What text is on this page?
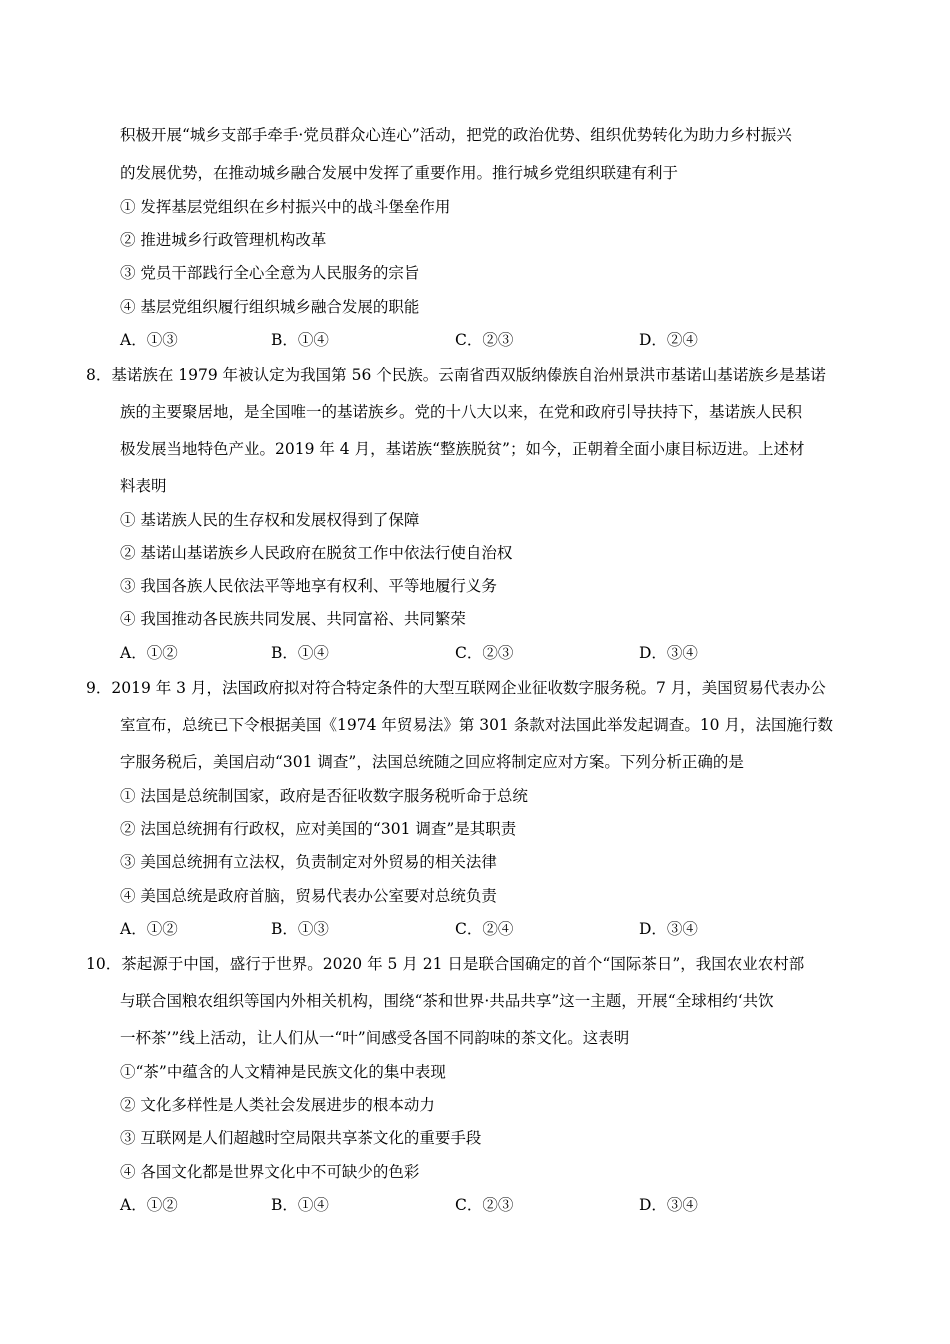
积极开展“城乡支部手牵手·党员群众心连心”活动，把党的政治优势、组织优势转化为助力乡村振兴
的发展优势，在推动城乡融合发展中发挥了重要作用。推行城乡党组织联建有利于
① 发挥基层党组织在乡村振兴中的战斗堡垒作用
② 推进城乡行政管理机构改革
③ 党员干部践行全心全意为人民服务的宗旨
④ 基层党组织履行组织城乡融合发展的职能
A．①③	B．①④	C．②③	D．②④
8．基诺族在 1979 年被认定为我国第 56 个民族。云南省西双版纳傣族自治州景洪市基诺山基诺族乡是基诺
族的主要聚居地，是全国唯一的基诺族乡。党的十八大以来，在党和政府引导扶持下，基诺族人民积
极发展当地特色产业。2019 年 4 月，基诺族“整族脱贫”；如今，正朝着全面小康目标迈进。上述材
料表明
① 基诺族人民的生存权和发展权得到了保障
② 基诺山基诺族乡人民政府在脱贫工作中依法行使自治权
③ 我国各族人民依法平等地享有权利、平等地履行义务
④ 我国推动各民族共同发展、共同富裕、共同繁荣
A．①②	B．①④	C．②③	D．③④
9．2019 年 3 月，法国政府拟对符合特定条件的大型互联网企业征收数字服务税。7 月，美国贸易代表办公
室宣布，总统已下令根据美国《1974 年贸易法》第 301 条款对法国此举发起调查。10 月，法国施行数
字服务税后，美国启动“301 调查”，法国总统随之回应将制定应对方案。下列分析正确的是
① 法国是总统制国家，政府是否征收数字服务税听命于总统
② 法国总统拥有行政权，应对美国的“301 调查”是其职责
③ 美国总统拥有立法权，负责制定对外贸易的相关法律
④ 美国总统是政府首脑，贸易代表办公室要对总统负责
A．①②	B．①③	C．②④	D．③④
10．茶起源于中国，盛行于世界。2020 年 5 月 21 日是联合国确定的首个“国际茶日”，我国农业农村部
与联合国粮农组织等国内外相关机构，围绕“茶和世界·共品共享”这一主题，开展“全球相约‘共饮
一杯茶’”线上活动，让人们从一“叶”间感受各国不同韵味的茶文化。这表明
①“茶”中蕴含的人文精神是民族文化的集中表现
② 文化多样性是人类社会发展进步的根本动力
③ 互联网是人们超越时空局限共享茶文化的重要手段
④ 各国文化都是世界文化中不可缺少的色彩
A．①②	B．①④	C．②③	D．③④
